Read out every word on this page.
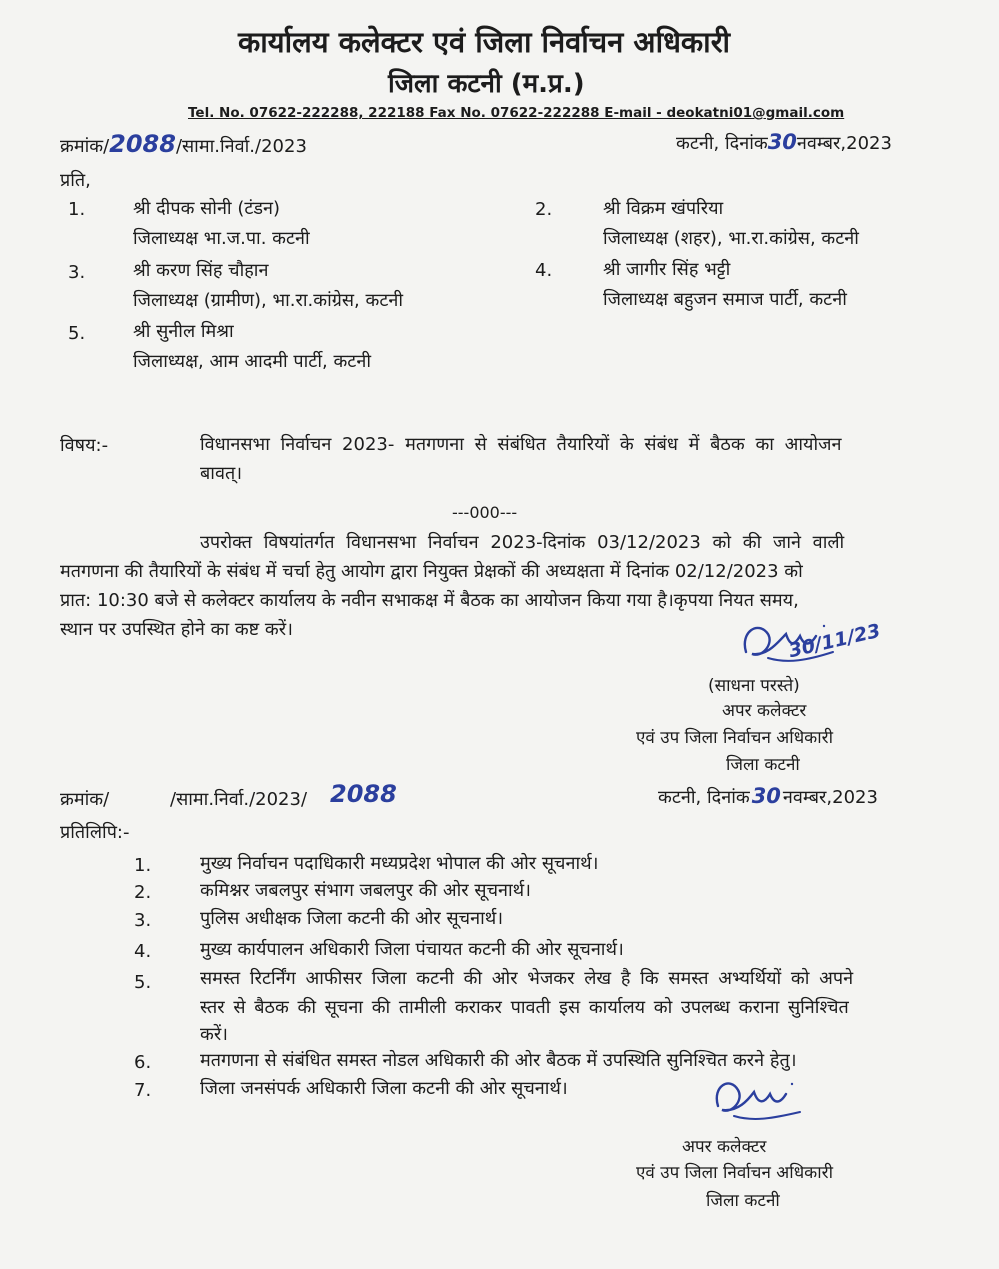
कार्यालय कलेक्टर एवं जिला निर्वाचन अधिकारी
जिला कटनी (म.प्र.)
Tel. No. 07622-222288, 222188 Fax No. 07622-222288 E-mail - deokatni01@gmail.com
क्रमांक/2088/सामा.निर्वा./2023	कटनी, दिनांक30नवम्बर,2023
प्रति,
1.	श्री दीपक सोनी (टंडन)
जिलाध्यक्ष भा.ज.पा. कटनी
2.	श्री विक्रम खंपरिया
जिलाध्यक्ष (शहर), भा.रा.कांग्रेस, कटनी
3.	श्री करण सिंह चौहान
जिलाध्यक्ष (ग्रामीण), भा.रा.कांग्रेस, कटनी
4.	श्री जागीर सिंह भट्टी
जिलाध्यक्ष बहुजन समाज पार्टी, कटनी
5.	श्री सुनील मिश्रा
जिलाध्यक्ष, आम आदमी पार्टी, कटनी
विषय:-	विधानसभा निर्वाचन 2023- मतगणना से संबंधित तैयारियों के संबंध में बैठक का आयोजन
बावत्।
---000---
उपरोक्त विषयांतर्गत विधानसभा निर्वाचन 2023-दिनांक 03/12/2023 को की जाने वाली
मतगणना की तैयारियों के संबंध में चर्चा हेतु आयोग द्वारा नियुक्त प्रेक्षकों की अध्यक्षता में दिनांक 02/12/2023 को
प्रात: 10:30 बजे से कलेक्टर कार्यालय के नवीन सभाकक्ष में बैठक का आयोजन किया गया है।कृपया नियत समय,
स्थान पर उपस्थित होने का कष्ट करें।	30/11/23
(साधना परस्ते)
अपर कलेक्टर
एवं उप जिला निर्वाचन अधिकारी
जिला कटनी
क्रमांक/	/सामा.निर्वा./2023/ 2088	कटनी, दिनांक30 नवम्बर,2023
प्रतिलिपि:-
1.	मुख्य निर्वाचन पदाधिकारी मध्यप्रदेश भोपाल की ओर सूचनार्थ।
2.	कमिश्नर जबलपुर संभाग जबलपुर की ओर सूचनार्थ।
3.	पुलिस अधीक्षक जिला कटनी की ओर सूचनार्थ।
4.	मुख्य कार्यपालन अधिकारी जिला पंचायत कटनी की ओर सूचनार्थ।
5.	समस्त रिटर्निंग आफीसर जिला कटनी की ओर भेजकर लेख है कि समस्त अभ्यर्थियों को अपने
स्तर से बैठक की सूचना की तामीली कराकर पावती इस कार्यालय को उपलब्ध कराना सुनिश्चित
करें।
6.	मतगणना से संबंधित समस्त नोडल अधिकारी की ओर बैठक में उपस्थिति सुनिश्चित करने हेतु।
7.	जिला जनसंपर्क अधिकारी जिला कटनी की ओर सूचनार्थ।
अपर कलेक्टर
एवं उप जिला निर्वाचन अधिकारी
जिला कटनी
